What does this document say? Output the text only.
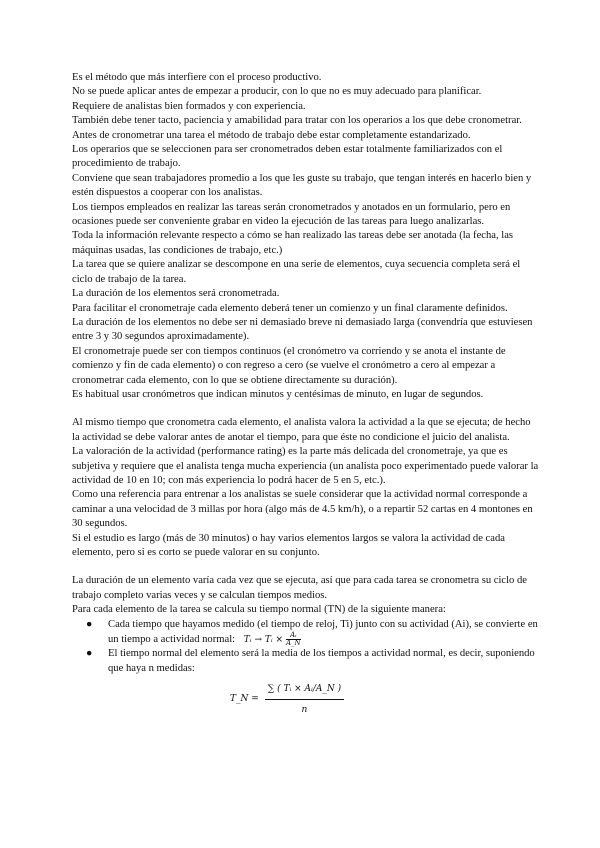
Es el método que más interfiere con el proceso productivo.

No se puede aplicar antes de empezar a producir, con lo que no es muy adecuado para planificar.

Requiere de analistas bien formados y con experiencia.

También debe tener tacto, paciencia y amabilidad para tratar con los operarios a los que debe cronometrar.

Antes de cronometrar una tarea el método de trabajo debe estar completamente estandarizado.

Los operarios que se seleccionen para ser cronometrados deben estar totalmente familiarizados con el procedimiento de trabajo.

Conviene que sean trabajadores promedio a los que les guste su trabajo, que tengan interés en hacerlo bien y estén dispuestos a cooperar con los analistas.

Los tiempos empleados en realizar las tareas serán cronometrados y anotados en un formulario, pero en ocasiones puede ser conveniente grabar en video la ejecución de las tareas para luego analizarlas.

Toda la información relevante respecto a cómo se han realizado las tareas debe ser anotada (la fecha, las máquinas usadas, las condiciones de trabajo, etc.)

La tarea que se quiere analizar se descompone en una serie de elementos, cuya secuencia completa será el ciclo de trabajo de la tarea.

La duración de los elementos será cronometrada.

Para facilitar el cronometraje cada elemento deberá tener un comienzo y un final claramente definidos.

La duración de los elementos no debe ser ni demasiado breve ni demasiado larga (convendría que estuviesen entre 3 y 30 segundos aproximadamente).

El cronometraje puede ser con tiempos continuos (el cronómetro va corriendo y se anota el instante de comienzo y fin de cada elemento) o con regreso a cero (se vuelve el cronómetro a cero al empezar a cronometrar cada elemento, con lo que se obtiene directamente su duración).

Es habitual usar cronómetros que indican minutos y centésimas de minuto, en lugar de segundos.

Al mismo tiempo que cronometra cada elemento, el analista valora la actividad a la que se ejecuta; de hecho la actividad se debe valorar antes de anotar el tiempo, para que éste no condicione el juicio del analista.

La valoración de la actividad (performance rating) es la parte más delicada del cronometraje, ya que es subjetiva y requiere que el analista tenga mucha experiencia (un analista poco experimentado puede valorar la actividad de 10 en 10; con más experiencia lo podrá hacer de 5 en 5, etc.).

Como una referencia para entrenar a los analistas se suele considerar que la actividad normal corresponde a caminar a una velocidad de 3 millas por hora (algo más de 4.5 km/h), o a repartir 52 cartas en 4 montones en 30 segundos.

Si el estudio es largo (más de 30 minutos) o hay varios elementos largos se valora la actividad de cada elemento, pero si es corto se puede valorar en su conjunto.

La duración de un elemento varía cada vez que se ejecuta, así que para cada tarea se cronometra su ciclo de trabajo completo varias veces y se calculan tiempos medios.

Para cada elemento de la tarea se calcula su tiempo normal (TN) de la siguiente manera:

● Cada tiempo que hayamos medido (el tiempo de reloj, Ti) junto con su actividad (Ai), se convierte en un tiempo a actividad normal: Tᵢ → Tᵢ × $\frac{\text{Aᵢ}}{A\_N}$
● El tiempo normal del elemento será la media de los tiempos a actividad normal, es decir, suponiendo que haya n medidas:
T_N = $\frac{\text{∑ ( Tᵢ × Aᵢ/A\_N )}}{n}$
